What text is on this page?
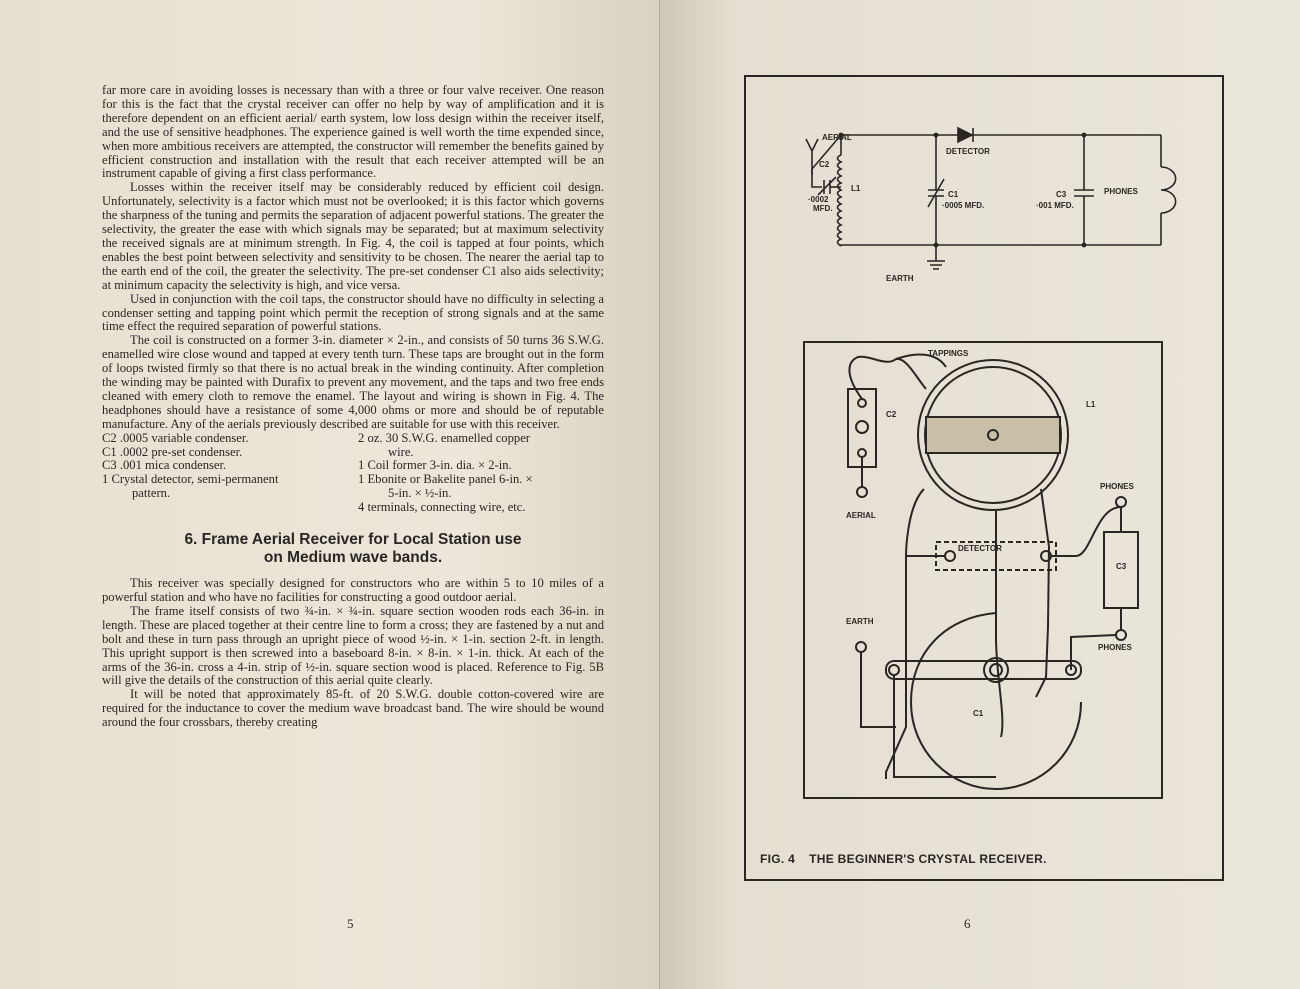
far more care in avoiding losses is necessary than with a three or four valve receiver. One reason for this is the fact that the crystal receiver can offer no help by way of amplification and it is therefore dependent on an efficient aerial/ earth system, low loss design within the receiver itself, and the use of sensitive headphones. The experience gained is well worth the time expended since, when more ambitious receivers are attempted, the constructor will remember the benefits gained by efficient construction and installation with the result that each receiver attempted will be an instrument capable of giving a first class performance.

Losses within the receiver itself may be considerably reduced by efficient coil design. Unfortunately, selectivity is a factor which must not be overlooked; it is this factor which governs the sharpness of the tuning and permits the separation of adjacent powerful stations. The greater the selectivity, the greater the ease with which signals may be separated; but at maximum selectivity the received signals are at minimum strength. In Fig. 4, the coil is tapped at four points, which enables the best point between selectivity and sensitivity to be chosen. The nearer the aerial tap to the earth end of the coil, the greater the selectivity. The pre-set condenser C1 also aids selectivity; at minimum capacity the selectivity is high, and vice versa.

Used in conjunction with the coil taps, the constructor should have no difficulty in selecting a condenser setting and tapping point which permit the reception of strong signals and at the same time effect the required separation of powerful stations.

The coil is constructed on a former 3-in. diameter × 2-in., and consists of 50 turns 36 S.W.G. enamelled wire close wound and tapped at every tenth turn. These taps are brought out in the form of loops twisted firmly so that there is no actual break in the winding continuity. After completion the winding may be painted with Durafix to prevent any movement, and the taps and two free ends cleaned with emery cloth to remove the enamel. The layout and wiring is shown in Fig. 4. The headphones should have a resistance of some 4,000 ohms or more and should be of reputable manufacture. Any of the aerials previously described are suitable for use with this receiver.

C2 .0005 variable condenser.
C1 .0002 pre-set condenser.
C3 .001 mica condenser.
1 Crystal detector, semi-permanent
pattern.
2 oz. 30 S.W.G. enamelled copper
wire.
1 Coil former 3-in. dia. × 2-in.
1 Ebonite or Bakelite panel 6-in. ×
5-in. × ½-in.
4 terminals, connecting wire, etc.
6. Frame Aerial Receiver for Local Station use
on Medium wave bands.

This receiver was specially designed for constructors who are within 5 to 10 miles of a powerful station and who have no facilities for constructing a good outdoor aerial.

The frame itself consists of two ¾-in. × ¾-in. square section wooden rods each 36-in. in length. These are placed together at their centre line to form a cross; they are fastened by a nut and bolt and these in turn pass through an upright piece of wood ½-in. × 1-in. section 2-ft. in length. This upright support is then screwed into a baseboard 8-in. × 8-in. × 1-in. thick. At each of the arms of the 36-in. cross a 4-in. strip of ½-in. square section wood is placed. Reference to Fig. 5B will give the details of the construction of this aerial quite clearly.

It will be noted that approximately 85-ft. of 20 S.W.G. double cotton-covered wire are required for the inductance to cover the medium wave broadcast band. The wire should be wound around the four crossbars, thereby creating

5
AERIAL
C2
·0002
MFD.
L1
DETECTOR
C1
·0005 MFD.
C3
·001 MFD.
PHONES
EARTH
TAPPINGS
C2
L1
AERIAL
PHONES
DETECTOR
C3
EARTH
PHONES
C1
FIG. 4 THE BEGINNER'S CRYSTAL RECEIVER.
6
